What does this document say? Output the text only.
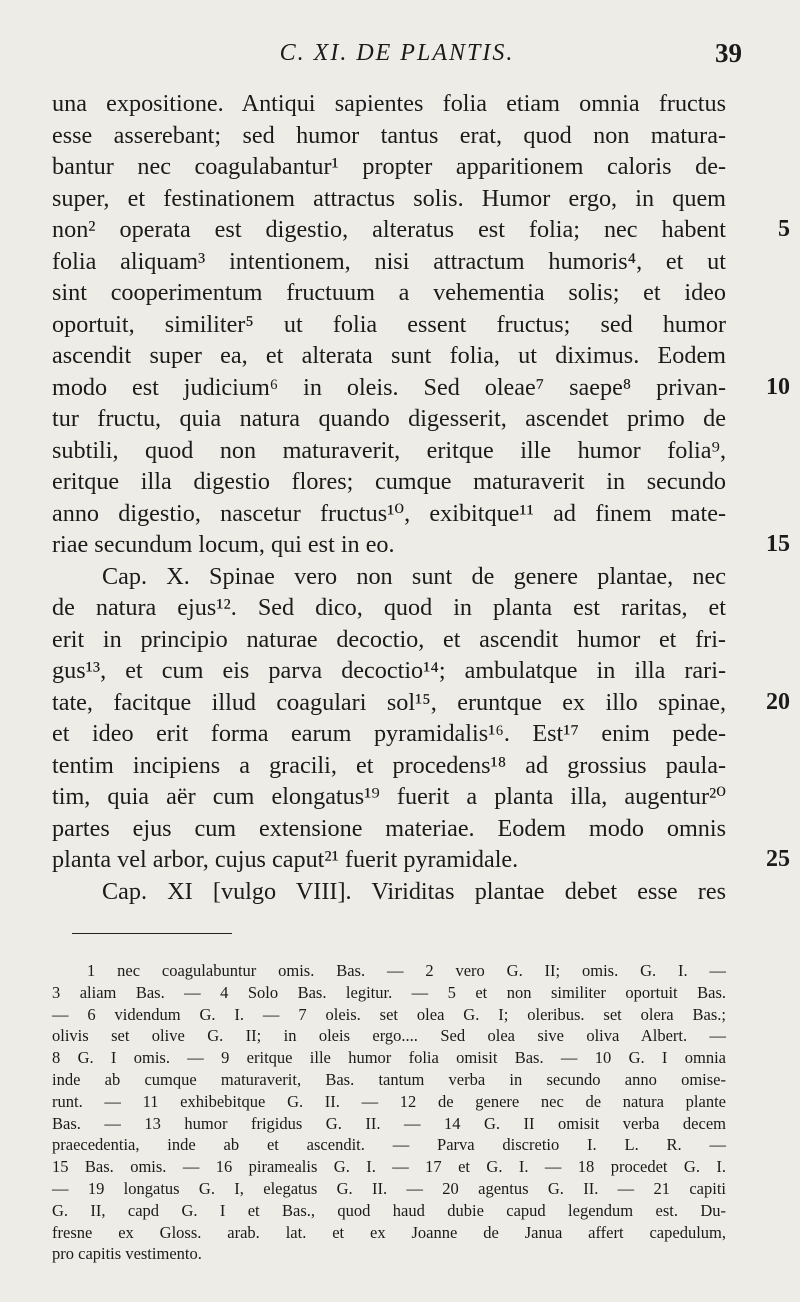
C. XI. DE PLANTIS.	39
una expositione. Antiqui sapientes folia etiam omnia fructus
esse asserebant; sed humor tantus erat, quod non matura-
bantur nec coagulabantur¹ propter apparitionem caloris de-
super, et festinationem attractus solis. Humor ergo, in quem
non² operata est digestio, alteratus est folia; nec habent 5
folia aliquam³ intentionem, nisi attractum humoris⁴, et ut
sint cooperimentum fructuum a vehementia solis; et ideo
oportuit, similiter⁵ ut folia essent fructus; sed humor
ascendit super ea, et alterata sunt folia, ut diximus. Eodem
modo est judicium⁶ in oleis. Sed oleae⁷ saepe⁸ privan- 10
tur fructu, quia natura quando digesserit, ascendet primo de
subtili, quod non maturaverit, eritque ille humor folia⁹,
eritque illa digestio flores; cumque maturaverit in secundo
anno digestio, nascetur fructus¹⁰, exibitque¹¹ ad finem mate-
riae secundum locum, qui est in eo.	15
Cap. X. Spinae vero non sunt de genere plantae, nec
de natura ejus¹². Sed dico, quod in planta est raritas, et
erit in principio naturae decoctio, et ascendit humor et fri-
gus¹³, et cum eis parva decoctio¹⁴; ambulatque in illa rari-
tate, facitque illud coagulari sol¹⁵, eruntque ex illo spinae, 20
et ideo erit forma earum pyramidalis¹⁶. Est¹⁷ enim pede-
tentim incipiens a gracili, et procedens¹⁸ ad grossius paula-
tim, quia aër cum elongatus¹⁹ fuerit a planta illa, augentur²⁰
partes ejus cum extensione materiae. Eodem modo omnis
planta vel arbor, cujus caput²¹ fuerit pyramidale.	25
Cap. XI [vulgo VIII]. Viriditas plantae debet esse res
1 nec coagulabuntur omis. Bas. — 2 vero G. II; omis. G. I. —
3 aliam Bas. — 4 Solo Bas. legitur. — 5 et non similiter oportuit Bas.
— 6 videndum G. I. — 7 oleis. set olea G. I; oleribus. set olera Bas.;
olivis set olive G. II; in oleis ergo.... Sed olea sive oliva Albert. —
8 G. I omis. — 9 eritque ille humor folia omisit Bas. — 10 G. I omnia
inde ab cumque maturaverit, Bas. tantum verba in secundo anno omise-
runt. — 11 exhibebitque G. II. — 12 de genere nec de natura plante
Bas. — 13 humor frigidus G. II. — 14 G. II omisit verba decem
praecedentia, inde ab et ascendit. — Parva discretio I. L. R. —
15 Bas. omis. — 16 piramealis G. I. — 17 et G. I. — 18 procedet G. I.
— 19 longatus G. I, elegatus G. II. — 20 agentus G. II. — 21 capiti
G. II, capd G. I et Bas., quod haud dubie capud legendum est. Du-
fresne ex Gloss. arab. lat. et ex Joanne de Janua affert capedulum,
pro capitis vestimento.
